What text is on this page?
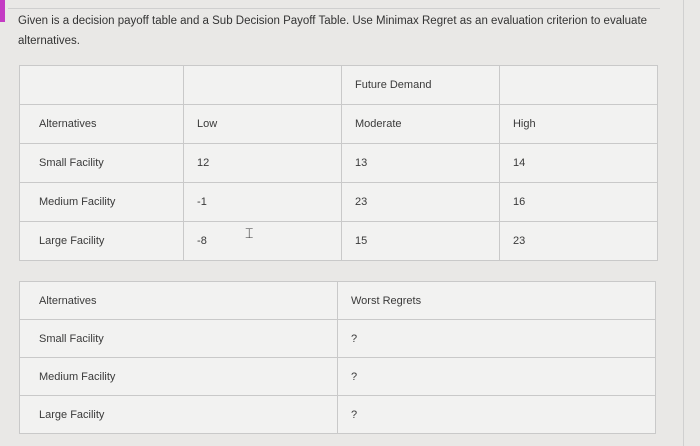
Given is a decision payoff table and a Sub Decision Payoff Table. Use Minimax Regret as an evaluation criterion to evaluate alternatives.
		Future Demand	
Alternatives	Low	Moderate	High
Small Facility	12	13	14
Medium Facility	-1	23	16
Large Facility	-8	15	23
⌶
Alternatives	Worst Regrets
Small Facility	?
Medium Facility	?
Large Facility	?
